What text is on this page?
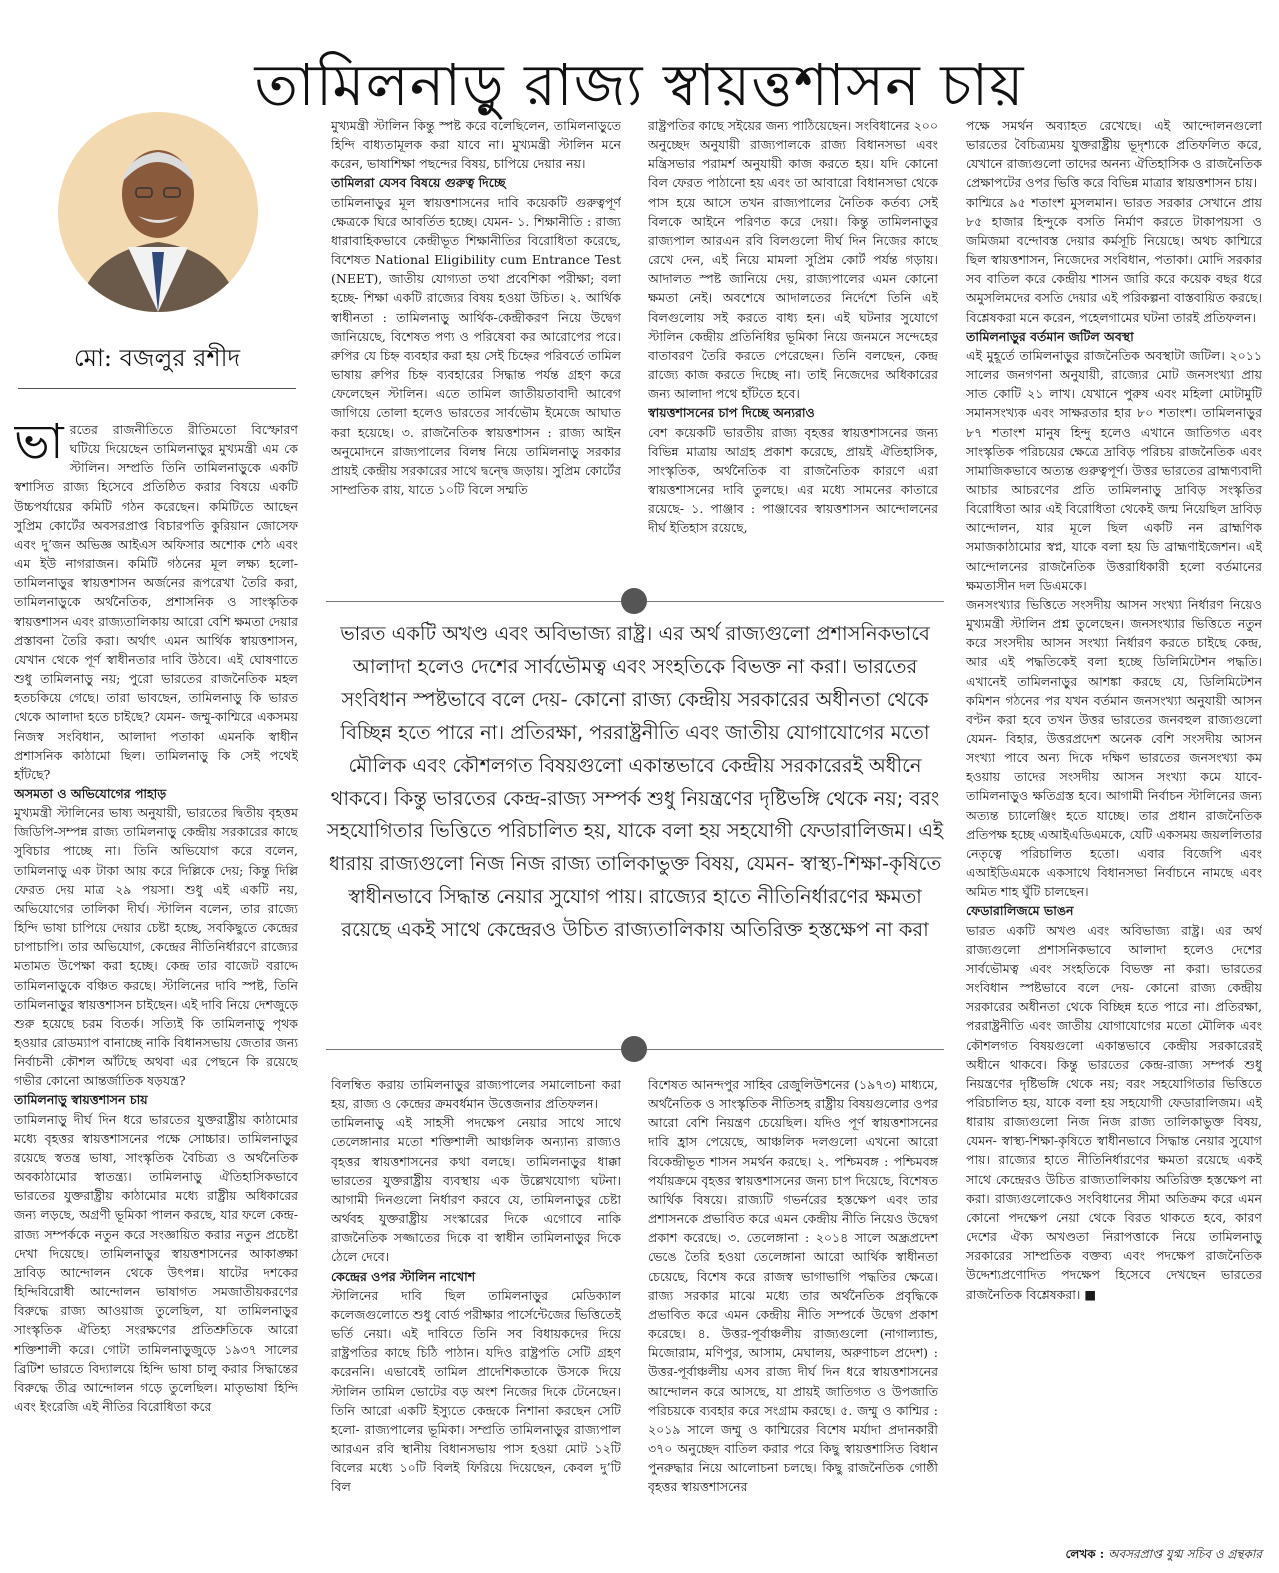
তামিলনাড়ু রাজ্য স্বায়ত্তশাসন চায়
মো: বজলুর রশীদ

ভারতের রাজনীতিতে রীতিমতো বিস্ফোরণ ঘটিয়ে দিয়েছেন তামিলনাড়ুর মুখ্যমন্ত্রী এম কে স্টালিন। সম্প্রতি তিনি তামিলনাড়ুকে একটি স্বশাসিত রাজ্য হিসেবে প্রতিষ্ঠিত করার বিষয়ে একটি উচ্চপর্যায়ের কমিটি গঠন করেছেন। কমিটিতে আছেন সুপ্রিম কোর্টের অবসরপ্রাপ্ত বিচারপতি কুরিয়ান জোসেফ এবং দু’জন অভিজ্ঞ আইএস অফিসার অশোক শেঠ এবং এম ইউ নাগরাজন। কমিটি গঠনের মূল লক্ষ্য হলো- তামিলনাড়ুর স্বায়ত্তশাসন অর্জনের রূপরেখা তৈরি করা, তামিলনাড়ুকে অর্থনৈতিক, প্রশাসনিক ও সাংস্কৃতিক স্বায়ত্তশাসন এবং রাজ্যতালিকায় আরো বেশি ক্ষমতা দেয়ার প্রস্তাবনা তৈরি করা। অর্থাৎ এমন আর্থিক স্বায়ত্তশাসন, যেখান থেকে পূর্ণ স্বাধীনতার দাবি উঠবে। এই ঘোষণাতে শুধু তামিলনাড়ু নয়; পুরো ভারতের রাজনৈতিক মহল হতচকিয়ে গেছে। তারা ভাবছেন, তামিলনাড়ু কি ভারত থেকে আলাদা হতে চাইছে? যেমন- জম্মু-কাশ্মিরে একসময় নিজস্ব সংবিধান, আলাদা পতাকা এমনকি স্বাধীন প্রশাসনিক কাঠামো ছিল। তামিলনাড়ু কি সেই পথেই হাঁটছে?

অসমতা ও অভিযোগের পাহাড়

মুখ্যমন্ত্রী স্টালিনের ভাষ্য অনুযায়ী, ভারতের দ্বিতীয় বৃহত্তম জিডিপি-সম্পন্ন রাজ্য তামিলনাড়ু কেন্দ্রীয় সরকারের কাছে সুবিচার পাচ্ছে না। তিনি অভিযোগ করে বলেন, তামিলনাড়ু এক টাকা আয় করে দিল্লিকে দেয়; কিন্তু দিল্লি ফেরত দেয় মাত্র ২৯ পয়সা। শুধু এই একটি নয়, অভিযোগের তালিকা দীর্ঘ। স্টালিন বলেন, তার রাজ্যে হিন্দি ভাষা চাপিয়ে দেয়ার চেষ্টা হচ্ছে, সবকিছুতে কেন্দ্রের চাপাচাপি। তার অভিযোগ, কেন্দ্রের নীতিনির্ধারণে রাজ্যের মতামত উপেক্ষা করা হচ্ছে। কেন্দ্র তার বাজেট বরাদ্দে তামিলনাড়ুকে বঞ্চিত করছে। স্টালিনের দাবি স্পষ্ট, তিনি তামিলনাড়ুর স্বায়ত্তশাসন চাইছেন। এই দাবি নিয়ে দেশজুড়ে শুরু হয়েছে চরম বিতর্ক। সত্যিই কি তামিলনাড়ু পৃথক হওয়ার রোডম্যাপ বানাচ্ছে নাকি বিধানসভায় জেতার জন্য নির্বাচনী কৌশল আঁটছে অথবা এর পেছনে কি রয়েছে গভীর কোনো আন্তর্জাতিক ষড়যন্ত্র?

তামিলনাড়ু স্বায়ত্তশাসন চায়

তামিলনাড়ু দীর্ঘ দিন ধরে ভারতের যুক্তরাষ্ট্রীয় কাঠামোর মধ্যে বৃহত্তর স্বায়ত্তশাসনের পক্ষে সোচ্চার। তামিলনাড়ুর রয়েছে স্বতন্ত্র ভাষা, সাংস্কৃতিক বৈচিত্র্য ও অর্থনৈতিক অবকাঠামোর স্বাতন্ত্র্য। তামিলনাড়ু ঐতিহাসিকভাবে ভারতের যুক্তরাষ্ট্রীয় কাঠামোর মধ্যে রাষ্ট্রীয় অধিকারের জন্য লড়ছে, অগ্রণী ভূমিকা পালন করছে, যার ফলে কেন্দ্র-রাজ্য সম্পর্ককে নতুন করে সংজ্ঞায়িত করার নতুন প্রচেষ্টা দেখা দিয়েছে। তামিলনাড়ুর স্বায়ত্তশাসনের আকাঙ্ক্ষা দ্রাবিড় আন্দোলন থেকে উৎপন্ন। ষাটের দশকের হিন্দিবিরোধী আন্দোলন ভাষাগত সমজাতীয়করণের বিরুদ্ধে রাজ্য আওয়াজ তুলেছিল, যা তামিলনাড়ুর সাংস্কৃতিক ঐতিহ্য সংরক্ষণের প্রতিশ্রুতিকে আরো শক্তিশালী করে। গোটা তামিলনাড়ুজুড়ে ১৯৩৭ সালের ব্রিটিশ ভারতে বিদ্যালয়ে হিন্দি ভাষা চালু করার সিদ্ধান্তের বিরুদ্ধে তীব্র আন্দোলন গড়ে তুলেছিল। মাতৃভাষা হিন্দি এবং ইংরেজি এই নীতির বিরোধিতা করে

মুখ্যমন্ত্রী স্টালিন কিন্তু স্পষ্ট করে বলেছিলেন, তামিলনাড়ুতে হিন্দি বাধ্যতামূলক করা যাবে না। মুখ্যমন্ত্রী স্টালিন মনে করেন, ভাষাশিক্ষা পছন্দের বিষয়, চাপিয়ে দেয়ার নয়।

তামিলরা যেসব বিষয়ে গুরুত্ব দিচ্ছে

তামিলনাড়ুর মূল স্বায়ত্তশাসনের দাবি কয়েকটি গুরুত্বপূর্ণ ক্ষেত্রকে ঘিরে আবর্তিত হচ্ছে। যেমন- ১. শিক্ষানীতি : রাজ্য ধারাবাহিকভাবে কেন্দ্রীভূত শিক্ষানীতির বিরোধিতা করেছে, বিশেষত National Eligibility cum Entrance Test (NEET), জাতীয় যোগ্যতা তথা প্রবেশিকা পরীক্ষা; বলা হচ্ছে- শিক্ষা একটি রাজ্যের বিষয় হওয়া উচিত। ২. আর্থিক স্বাধীনতা : তামিলনাড়ু আর্থিক-কেন্দ্রীকরণ নিয়ে উদ্বেগ জানিয়েছে, বিশেষত পণ্য ও পরিষেবা কর আরোপের পরে। রুপির যে চিহ্ন ব্যবহার করা হয় সেই চিহ্নের পরিবর্তে তামিল ভাষায় রুপির চিহ্ন ব্যবহারের সিদ্ধান্ত পর্যন্ত গ্রহণ করে ফেলেছেন স্টালিন। এতে তামিল জাতীয়তাবাদী আবেগ জাগিয়ে তোলা হলেও ভারতের সার্বভৌম ইমেজে আঘাত করা হয়েছে। ৩. রাজনৈতিক স্বায়ত্তশাসন : রাজ্য আইন অনুমোদনে রাজ্যপালের বিলম্ব নিয়ে তামিলনাড়ু সরকার প্রায়ই কেন্দ্রীয় সরকারের সাথে দ্বন্দ্বে জড়ায়। সুপ্রিম কোর্টের সাম্প্রতিক রায়, যাতে ১০টি বিলে সম্মতি

রাষ্ট্রপতির কাছে সইয়ের জন্য পাঠিয়েছেন। সংবিধানের ২০০ অনুচ্ছেদ অনুযায়ী রাজ্যপালকে রাজ্য বিধানসভা এবং মন্ত্রিসভার পরামর্শ অনুযায়ী কাজ করতে হয়। যদি কোনো বিল ফেরত পাঠানো হয় এবং তা আবারো বিধানসভা থেকে পাস হয়ে আসে তখন রাজ্যপালের নৈতিক কর্তব্য সেই বিলকে আইনে পরিণত করে দেয়া। কিন্তু তামিলনাড়ুর রাজ্যপাল আরএন রবি বিলগুলো দীর্ঘ দিন নিজের কাছে রেখে দেন, এই নিয়ে মামলা সুপ্রিম কোর্ট পর্যন্ত গড়ায়। আদালত স্পষ্ট জানিয়ে দেয়, রাজ্যপালের এমন কোনো ক্ষমতা নেই। অবশেষে আদালতের নির্দেশে তিনি এই বিলগুলোয় সই করতে বাধ্য হন। এই ঘটনার সুযোগে স্টালিন কেন্দ্রীয় প্রতিনিধির ভূমিকা নিয়ে জনমনে সন্দেহের বাতাবরণ তৈরি করতে পেরেছেন। তিনি বলছেন, কেন্দ্র রাজ্যে কাজ করতে দিচ্ছে না। তাই নিজেদের অধিকারের জন্য আলাদা পথে হাঁটতে হবে।

স্বায়ত্তশাসনের চাপ দিচ্ছে অন্যরাও

বেশ কয়েকটি ভারতীয় রাজ্য বৃহত্তর স্বায়ত্তশাসনের জন্য বিভিন্ন মাত্রায় আগ্রহ প্রকাশ করেছে, প্রায়ই ঐতিহাসিক, সাংস্কৃতিক, অর্থনৈতিক বা রাজনৈতিক কারণে এরা স্বায়ত্তশাসনের দাবি তুলছে। এর মধ্যে সামনের কাতারে রয়েছে- ১. পাঞ্জাব : পাঞ্জাবের স্বায়ত্তশাসন আন্দোলনের দীর্ঘ ইতিহাস রয়েছে,

ভারত একটি অখণ্ড এবং অবিভাজ্য রাষ্ট্র। এর অর্থ রাজ্যগুলো প্রশাসনিকভাবে আলাদা হলেও দেশের সার্বভৌমত্ব এবং সংহতিকে বিভক্ত না করা। ভারতের সংবিধান স্পষ্টভাবে বলে দেয়- কোনো রাজ্য কেন্দ্রীয় সরকারের অধীনতা থেকে বিচ্ছিন্ন হতে পারে না। প্রতিরক্ষা, পররাষ্ট্রনীতি এবং জাতীয় যোগাযোগের মতো মৌলিক এবং কৌশলগত বিষয়গুলো একান্তভাবে কেন্দ্রীয় সরকারেরই অধীনে থাকবে। কিন্তু ভারতের কেন্দ্র-রাজ্য সম্পর্ক শুধু নিয়ন্ত্রণের দৃষ্টিভঙ্গি থেকে নয়; বরং সহযোগিতার ভিত্তিতে পরিচালিত হয়, যাকে বলা হয় সহযোগী ফেডারালিজম। এই ধারায় রাজ্যগুলো নিজ নিজ রাজ্য তালিকাভুক্ত বিষয়, যেমন- স্বাস্থ্য-শিক্ষা-কৃষিতে স্বাধীনভাবে সিদ্ধান্ত নেয়ার সুযোগ পায়। রাজ্যের হাতে নীতিনির্ধারণের ক্ষমতা রয়েছে একই সাথে কেন্দ্রেরও উচিত রাজ্যতালিকায় অতিরিক্ত হস্তক্ষেপ না করা

বিলম্বিত করায় তামিলনাড়ুর রাজ্যপালের সমালোচনা করা হয়, রাজ্য ও কেন্দ্রের ক্রমবর্ধমান উত্তেজনার প্রতিফলন।

তামিলনাড়ু এই সাহসী পদক্ষেপ নেয়ার সাথে সাথে তেলেঙ্গানার মতো শক্তিশালী আঞ্চলিক অন্যান্য রাজ্যও বৃহত্তর স্বায়ত্তশাসনের কথা বলছে। তামিলনাড়ুর ধাক্কা ভারতের যুক্তরাষ্ট্রীয় ব্যবস্থায় এক উল্লেখযোগ্য ঘটনা। আগামী দিনগুলো নির্ধারণ করবে যে, তামিলনাড়ুর চেষ্টা অর্থবহ যুক্তরাষ্ট্রীয় সংস্কারের দিকে এগোবে নাকি রাজনৈতিক সজ্জাতের দিকে বা স্বাধীন তামিলনাড়ুর দিকে ঠেলে দেবে।

কেন্দ্রের ওপর স্টালিন নাখোশ

স্টালিনের দাবি ছিল তামিলনাড়ুর মেডিক্যাল কলেজগুলোতে শুধু বোর্ড পরীক্ষার পার্সেন্টেজের ভিত্তিতেই ভর্তি নেয়া। এই দাবিতে তিনি সব বিধায়কদের দিয়ে রাষ্ট্রপতির কাছে চিঠি পাঠান। যদিও রাষ্ট্রপতি সেটি গ্রহণ করেননি। এভাবেই তামিল প্রাদেশিকতাকে উসকে দিয়ে স্টালিন তামিল ভোটের বড় অংশ নিজের দিকে টেনেছেন। তিনি আরো একটি ইস্যুতে কেন্দ্রকে নিশানা করছেন সেটি হলো- রাজ্যপালের ভূমিকা। সম্প্রতি তামিলনাড়ুর রাজ্যপাল আরএন রবি স্থানীয় বিধানসভায় পাস হওয়া মোট ১২টি বিলের মধ্যে ১০টি বিলই ফিরিয়ে দিয়েছেন, কেবল দু’টি বিল

বিশেষত আনন্দপুর সাহিব রেজুলিউশনের (১৯৭৩) মাধ্যমে, অর্থনৈতিক ও সাংস্কৃতিক নীতিসহ রাষ্ট্রীয় বিষয়গুলোর ওপর আরো বেশি নিয়ন্ত্রণ চেয়েছিল। যদিও পূর্ণ স্বায়ত্তশাসনের দাবি হ্রাস পেয়েছে, আঞ্চলিক দলগুলো এখনো আরো বিকেন্দ্রীভূত শাসন সমর্থন করছে। ২. পশ্চিমবঙ্গ : পশ্চিমবঙ্গ পর্যায়ক্রমে বৃহত্তর স্বায়ত্তশাসনের জন্য চাপ দিয়েছে, বিশেষত আর্থিক বিষয়ে। রাজ্যটি গভর্নরের হস্তক্ষেপ এবং তার প্রশাসনকে প্রভাবিত করে এমন কেন্দ্রীয় নীতি নিয়েও উদ্বেগ প্রকাশ করেছে। ৩. তেলেঙ্গানা : ২০১৪ সালে অন্ধ্রপ্রদেশ ভেঙে তৈরি হওয়া তেলেঙ্গানা আরো আর্থিক স্বাধীনতা চেয়েছে, বিশেষ করে রাজস্ব ভাগাভাগি পদ্ধতির ক্ষেত্রে। রাজ্য সরকার মাঝে মধ্যে তার অর্থনৈতিক প্রবৃদ্ধিকে প্রভাবিত করে এমন কেন্দ্রীয় নীতি সম্পর্কে উদ্বেগ প্রকাশ করেছে। ৪. উত্তর-পূর্বাঞ্চলীয় রাজ্যগুলো (নাগাল্যান্ড, মিজোরাম, মণিপুর, আসাম, মেঘালয়, অরুণাচল প্রদেশ) : উত্তর-পূর্বাঞ্চলীয় এসব রাজ্য দীর্ঘ দিন ধরে স্বায়ত্তশাসনের আন্দোলন করে আসছে, যা প্রায়ই জাতিগত ও উপজাতি পরিচয়কে ব্যবহার করে সংগ্রাম করছে। ৫. জম্মু ও কাশ্মির : ২০১৯ সালে জম্মু ও কাশ্মিরের বিশেষ মর্যাদা প্রদানকারী ৩৭০ অনুচ্ছেদ বাতিল করার পরে কিছু স্বায়ত্তশাসিত বিধান পুনরুদ্ধার নিয়ে আলোচনা চলছে। কিছু রাজনৈতিক গোষ্ঠী বৃহত্তর স্বায়ত্তশাসনের

পক্ষে সমর্থন অব্যাহত রেখেছে। এই আন্দোলনগুলো ভারতের বৈচিত্র্যময় যুক্তরাষ্ট্রীয় ভূদৃশ্যকে প্রতিফলিত করে, যেখানে রাজ্যগুলো তাদের অনন্য ঐতিহাসিক ও রাজনৈতিক প্রেক্ষাপটের ওপর ভিত্তি করে বিভিন্ন মাত্রার স্বায়ত্তশাসন চায়।

কাশ্মিরে ৯৫ শতাংশ মুসলমান। ভারত সরকার সেখানে প্রায় ৮৫ হাজার হিন্দুকে বসতি নির্মাণ করতে টাকাপয়সা ও জমিজমা বন্দোবস্ত দেয়ার কর্মসূচি নিয়েছে। অথচ কাশ্মিরে ছিল স্বায়ত্তশাসন, নিজেদের সংবিধান, পতাকা। মোদি সরকার সব বাতিল করে কেন্দ্রীয় শাসন জারি করে কয়েক বছর ধরে অমুসলিমদের বসতি দেয়ার এই পরিকল্পনা বাস্তবায়িত করছে। বিশ্লেষকরা মনে করেন, পহেলগামের ঘটনা তারই প্রতিফলন।

তামিলনাড়ুর বর্তমান জটিল অবস্থা

এই মুহূর্তে তামিলনাড়ুর রাজনৈতিক অবস্থাটা জটিল। ২০১১ সালের জনগণনা অনুযায়ী, রাজ্যের মোট জনসংখ্যা প্রায় সাত কোটি ২১ লাখ। যেখানে পুরুষ এবং মহিলা মোটামুটি সমানসংখ্যক এবং সাক্ষরতার হার ৮০ শতাংশ। তামিলনাড়ুর ৮৭ শতাংশ মানুষ হিন্দু হলেও এখানে জাতিগত এবং সাংস্কৃতিক পরিচয়ের ক্ষেত্রে দ্রাবিড় পরিচয় রাজনৈতিক এবং সামাজিকভাবে অত্যন্ত গুরুত্বপূর্ণ। উত্তর ভারতের ব্রাহ্মণ্যবাদী আচার আচরণের প্রতি তামিলনাড়ু দ্রাবিড় সংস্কৃতির বিরোধিতা আর এই বিরোধিতা থেকেই জন্ম নিয়েছিল দ্রাবিড় আন্দোলন, যার মূলে ছিল একটি নন ব্রাহ্মণিক সমাজকাঠামোর স্বপ্ন, যাকে বলা হয় ডি ব্রাহ্মণাইজেশন। এই আন্দোলনের রাজনৈতিক উত্তরাধিকারী হলো বর্তমানের ক্ষমতাসীন দল ডিএমকে।

জনসংখ্যার ভিত্তিতে সংসদীয় আসন সংখ্যা নির্ধারণ নিয়েও মুখ্যমন্ত্রী স্টালিন প্রশ্ন তুলেছেন। জনসংখ্যার ভিত্তিতে নতুন করে সংসদীয় আসন সংখ্যা নির্ধারণ করতে চাইছে কেন্দ্র, আর এই পদ্ধতিকেই বলা হচ্ছে ডিলিমিটেশন পদ্ধতি। এখানেই তামিলনাড়ুর আশঙ্কা করছে যে, ডিলিমিটেশন কমিশন গঠনের পর যখন বর্তমান জনসংখ্যা অনুযায়ী আসন বণ্টন করা হবে তখন উত্তর ভারতের জনবহুল রাজ্যগুলো যেমন- বিহার, উত্তরপ্রদেশ অনেক বেশি সংসদীয় আসন সংখ্যা পাবে অন্য দিকে দক্ষিণ ভারতের জনসংখ্যা কম হওয়ায় তাদের সংসদীয় আসন সংখ্যা কমে যাবে- তামিলনাড়ুও ক্ষতিগ্রস্ত হবে। আগামী নির্বাচন স্টালিনের জন্য অত্যন্ত চ্যালেঞ্জিং হতে যাচ্ছে। তার প্রধান রাজনৈতিক প্রতিপক্ষ হচ্ছে এআইএডিএমকে, যেটি একসময় জয়ললিতার নেতৃত্বে পরিচালিত হতো। এবার বিজেপি এবং এআইডিএমকে একসাথে বিধানসভা নির্বাচনে নামছে এবং অমিত শাহ ঘুঁটি চালছেন।

ফেডারালিজমে ভাঙন

ভারত একটি অখণ্ড এবং অবিভাজ্য রাষ্ট্র। এর অর্থ রাজ্যগুলো প্রশাসনিকভাবে আলাদা হলেও দেশের সার্বভৌমত্ব এবং সংহতিকে বিভক্ত না করা। ভারতের সংবিধান স্পষ্টভাবে বলে দেয়- কোনো রাজ্য কেন্দ্রীয় সরকারের অধীনতা থেকে বিচ্ছিন্ন হতে পারে না। প্রতিরক্ষা, পররাষ্ট্রনীতি এবং জাতীয় যোগাযোগের মতো মৌলিক এবং কৌশলগত বিষয়গুলো একান্তভাবে কেন্দ্রীয় সরকারেরই অধীনে থাকবে। কিন্তু ভারতের কেন্দ্র-রাজ্য সম্পর্ক শুধু নিয়ন্ত্রণের দৃষ্টিভঙ্গি থেকে নয়; বরং সহযোগিতার ভিত্তিতে পরিচালিত হয়, যাকে বলা হয় সহযোগী ফেডারালিজম। এই ধারায় রাজ্যগুলো নিজ নিজ রাজ্য তালিকাভুক্ত বিষয়, যেমন- স্বাস্থ্য-শিক্ষা-কৃষিতে স্বাধীনভাবে সিদ্ধান্ত নেয়ার সুযোগ পায়। রাজ্যের হাতে নীতিনির্ধারণের ক্ষমতা রয়েছে একই সাথে কেন্দ্রেরও উচিত রাজ্যতালিকায় অতিরিক্ত হস্তক্ষেপ না করা। রাজ্যগুলোকেও সংবিধানের সীমা অতিক্রম করে এমন কোনো পদক্ষেপ নেয়া থেকে বিরত থাকতে হবে, কারণ দেশের ঐক্য অখণ্ডতা নিরাপত্তাকে নিয়ে তামিলনাড়ু সরকারের সাম্প্রতিক বক্তব্য এবং পদক্ষেপ রাজনৈতিক উদ্দেশ্যপ্রণোদিত পদক্ষেপ হিসেবে দেখছেন ভারতের রাজনৈতিক বিশ্লেষকরা। ■

লেখক : অবসরপ্রাপ্ত যুগ্ম সচিব ও গ্রন্থকার
